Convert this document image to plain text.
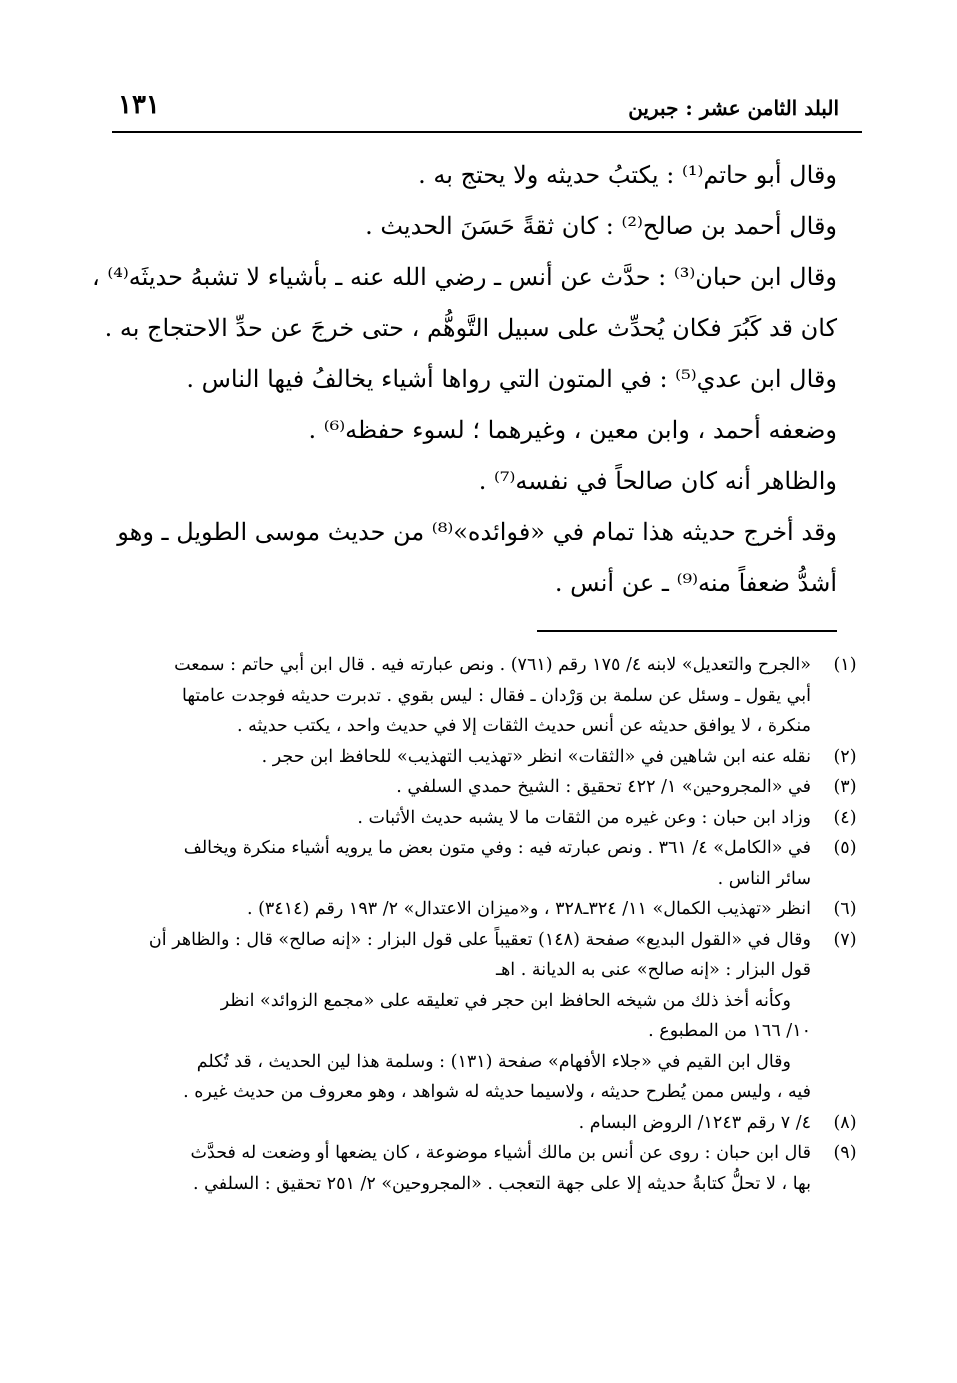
البلد الثامن عشر : جبرين
١٣١

وقال أبو حاتم⁽¹⁾ : يكتبُ حديثه ولا يحتج به .

وقال أحمد بن صالح⁽²⁾ : كان ثقةً حَسَنَ الحديث .

وقال ابن حبان⁽³⁾ : حدَّث عن أنس ـ رضي الله عنه ـ بأشياء لا تشبهُ حديثَه⁽⁴⁾ ،

كان قد كَبُرَ فكان يُحدِّث على سبيل التَّوهُّم ، حتى خرجَ عن حدِّ الاحتجاج به .

وقال ابن عدي⁽⁵⁾ : في المتون التي رواها أشياء يخالفُ فيها الناس .

وضعفه أحمد ، وابن معين ، وغيرهما ؛ لسوء حفظه⁽⁶⁾ .

والظاهر أنه كان صالحاً في نفسه⁽⁷⁾ .

وقد أخرج حديثه هذا تمام في «فوائده»⁽⁸⁾ من حديث موسى الطويل ـ وهو

أشدُّ ضعفاً منه⁽⁹⁾ ـ عن أنس .

(١)
«الجرح والتعديل» لابنه ٤/ ١٧٥ رقم (٧٦١) . ونص عبارته فيه . قال ابن أبي حاتم : سمعت
أبي يقول ـ وسئل عن سلمة بن وَرْدان ـ فقال : ليس بقوي . تدبرت حديثه فوجدت عامتها
منكرة ، لا يوافق حديثه عن أنس حديث الثقات إلا في حديث واحد ، يكتب حديثه .
(٢)
نقله عنه ابن شاهين في «الثقات» انظر «تهذيب التهذيب» للحافظ ابن حجر .
(٣)
في «المجروحين» ١/ ٤٢٢ تحقيق : الشيخ حمدي السلفي .
(٤)
وزاد ابن حبان : وعن غيره من الثقات ما لا يشبه حديث الأثبات .
(٥)
في «الكامل» ٤/ ٣٦١ . ونص عبارته فيه : وفي متون بعض ما يرويه أشياء منكرة ويخالف
سائر الناس .
(٦)
انظر «تهذيب الكمال» ١١/ ٣٢٤ـ٣٢٨ ، و«ميزان الاعتدال» ٢/ ١٩٣ رقم (٣٤١٤) .
(٧)
وقال في «القول البديع» صفحة (١٤٨) تعقيباً على قول البزار : «إنه صالح» قال : والظاهر أن
قول البزار : «إنه صالح» عنى به الديانة . اهـ
وكأنه أخذ ذلك من شيخه الحافظ ابن حجر في تعليقه على «مجمع الزوائد» انظر
١٠/ ١٦٦ من المطبوع .
وقال ابن القيم في «جلاء الأفهام» صفحة (١٣١) : وسلمة هذا لين الحديث ، قد تُكلم
فيه ، وليس ممن يُطرح حديثه ، ولاسيما حديثه له شواهد ، وهو معروف من حديث غيره .
(٨)
٤/ ٧ رقم ١٢٤٣/ الروض البسام .
(٩)
قال ابن حبان : روى عن أنس بن مالك أشياء موضوعة ، كان يضعها أو وضعت له فحدَّث
بها ، لا تحلُّ كتابةُ حديثه إلا على جهة التعجب . «المجروحين» ٢/ ٢٥١ تحقيق : السلفي .
